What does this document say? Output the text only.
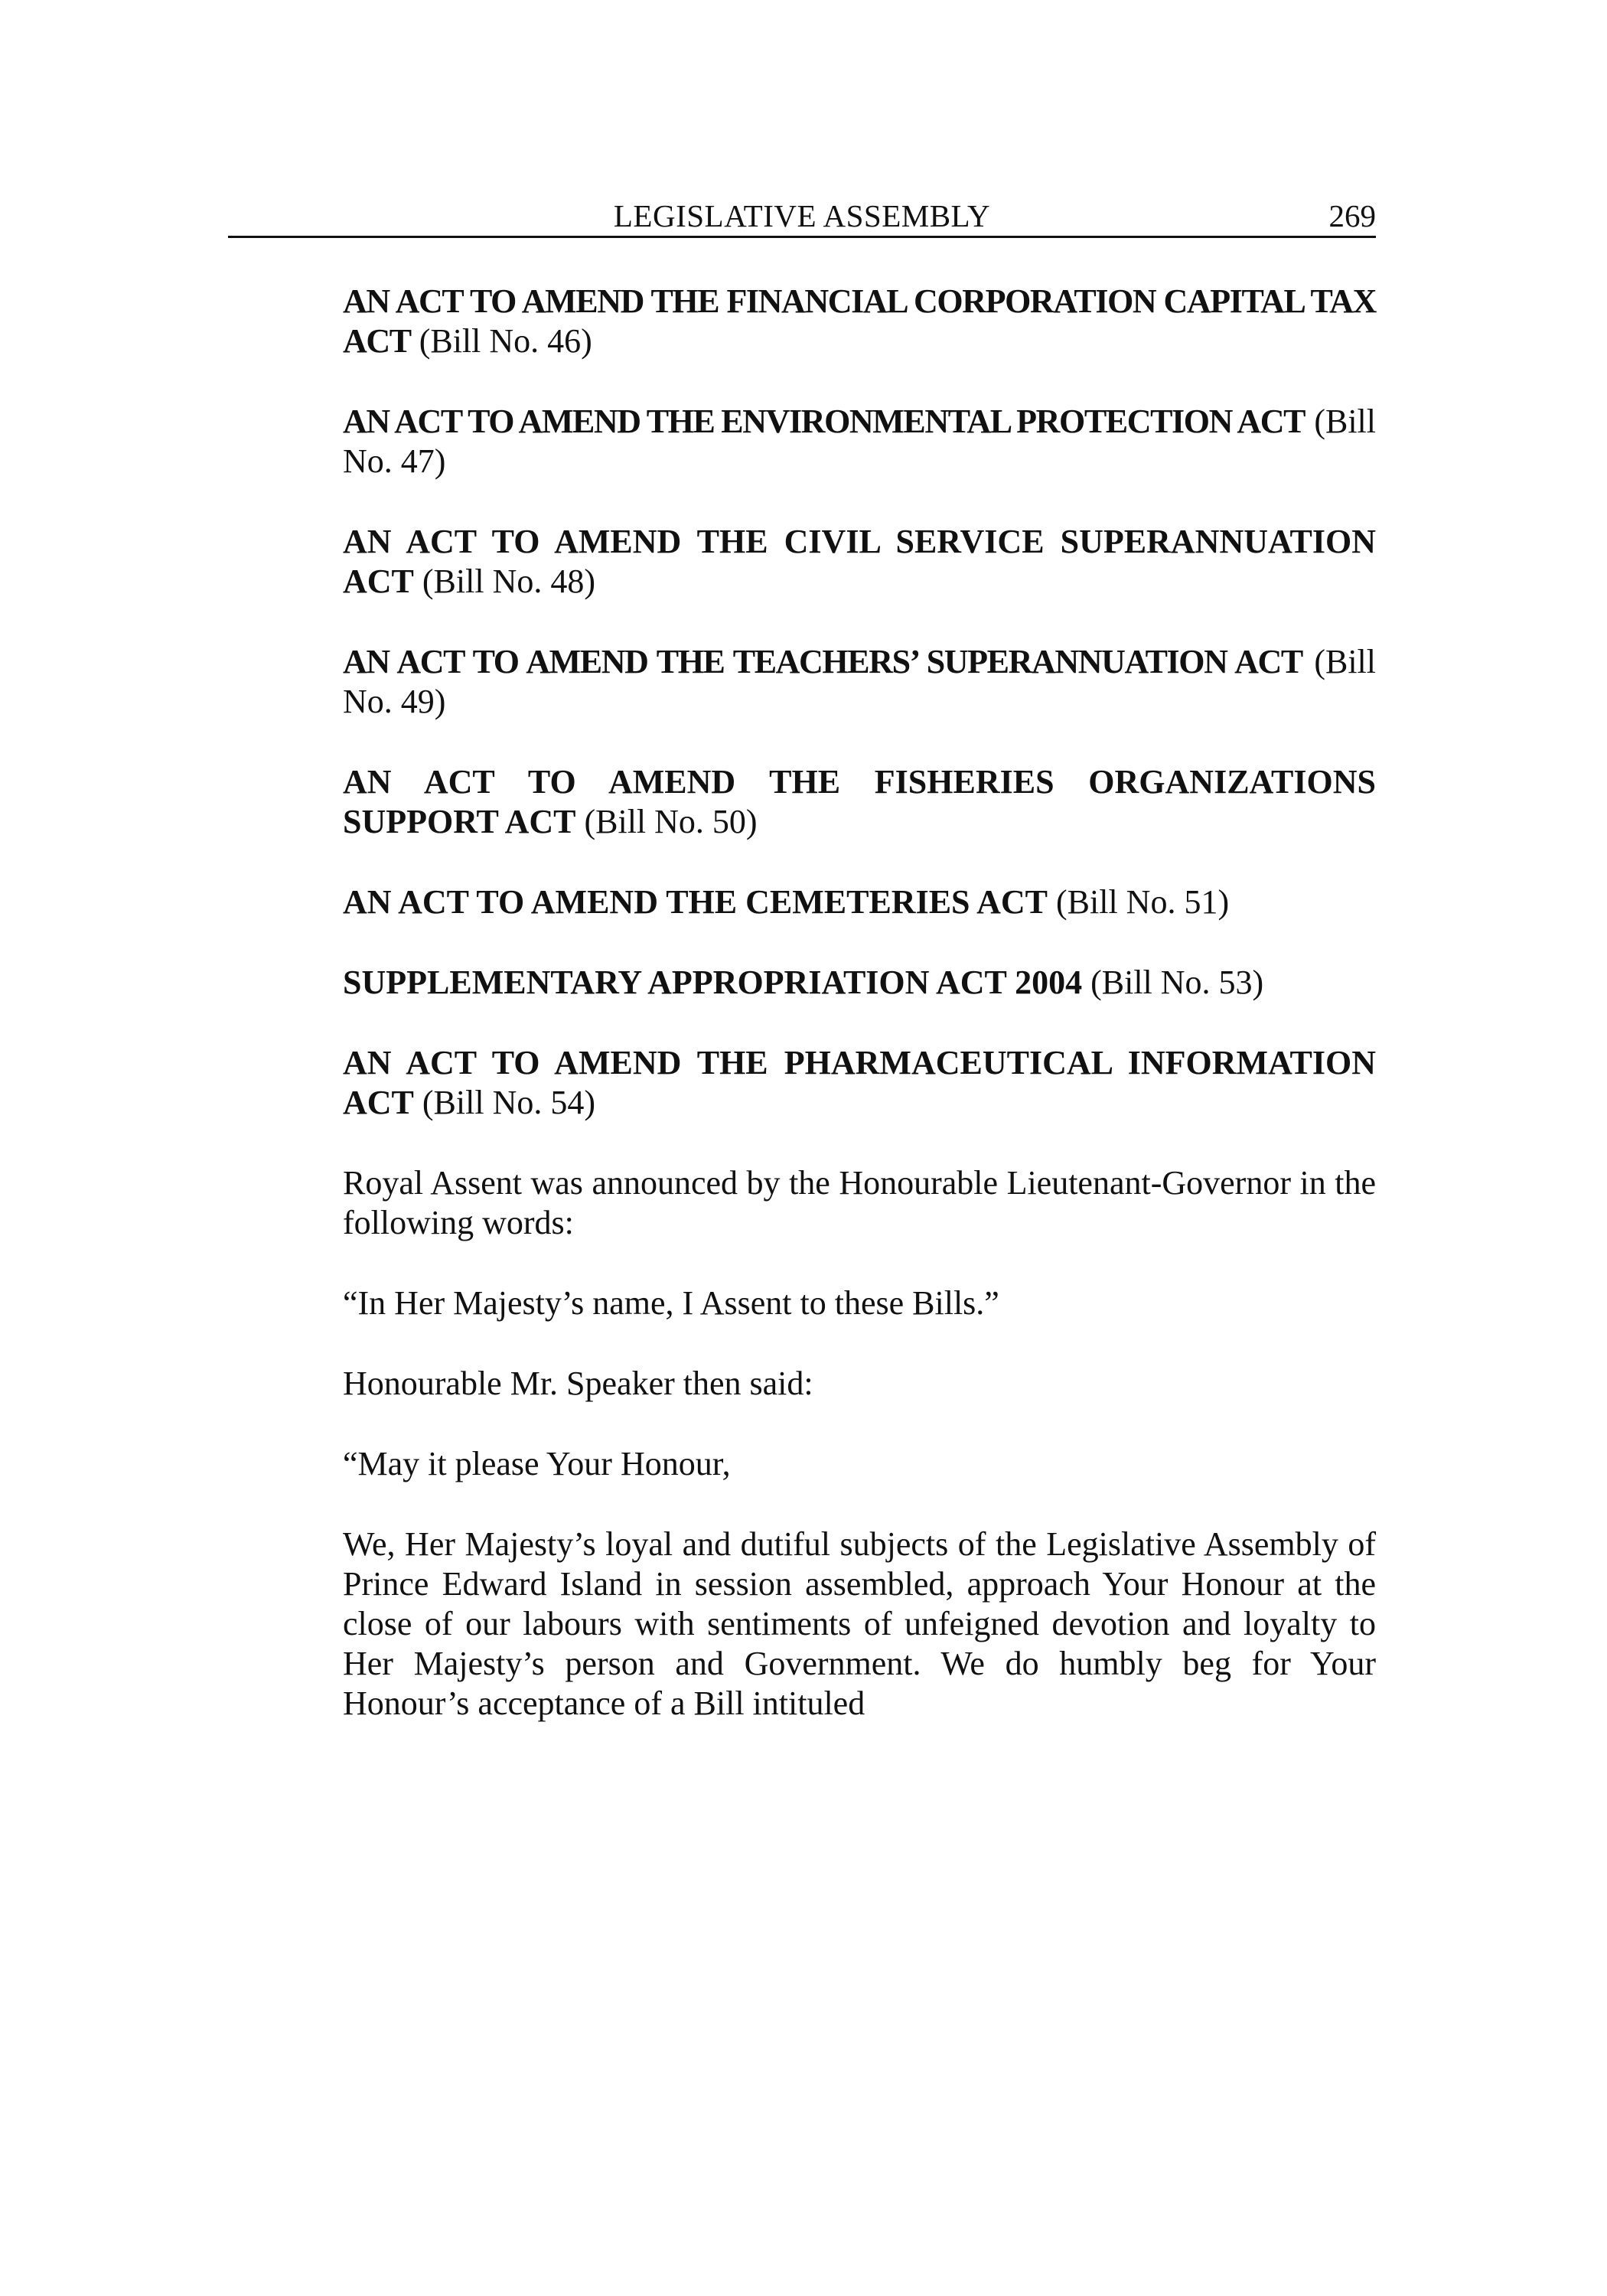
LEGISLATIVE ASSEMBLY	269

AN ACT TO AMEND THE FINANCIAL CORPORATION CAPITAL TAX ACT (Bill No. 46)

AN ACT TO AMEND THE ENVIRONMENTAL PROTECTION ACT (Bill No. 47)

AN ACT TO AMEND THE CIVIL SERVICE SUPERANNUATION ACT (Bill No. 48)

AN ACT TO AMEND THE TEACHERS’ SUPERANNUATION ACT (Bill No. 49)

AN ACT TO AMEND THE FISHERIES ORGANIZATIONS SUPPORT ACT (Bill No. 50)

AN ACT TO AMEND THE CEMETERIES ACT (Bill No. 51)

SUPPLEMENTARY APPROPRIATION ACT 2004 (Bill No. 53)

AN ACT TO AMEND THE PHARMACEUTICAL INFORMATION ACT (Bill No. 54)

Royal Assent was announced by the Honourable Lieutenant-Governor in the following words:

“In Her Majesty’s name, I Assent to these Bills.”

Honourable Mr. Speaker then said:

“May it please Your Honour,

We, Her Majesty’s loyal and dutiful subjects of the Legislative Assembly of Prince Edward Island in session assembled, approach Your Honour at the close of our labours with sentiments of unfeigned devotion and loyalty to Her Majesty’s person and Government. We do humbly beg for Your Honour’s acceptance of a Bill intituled
